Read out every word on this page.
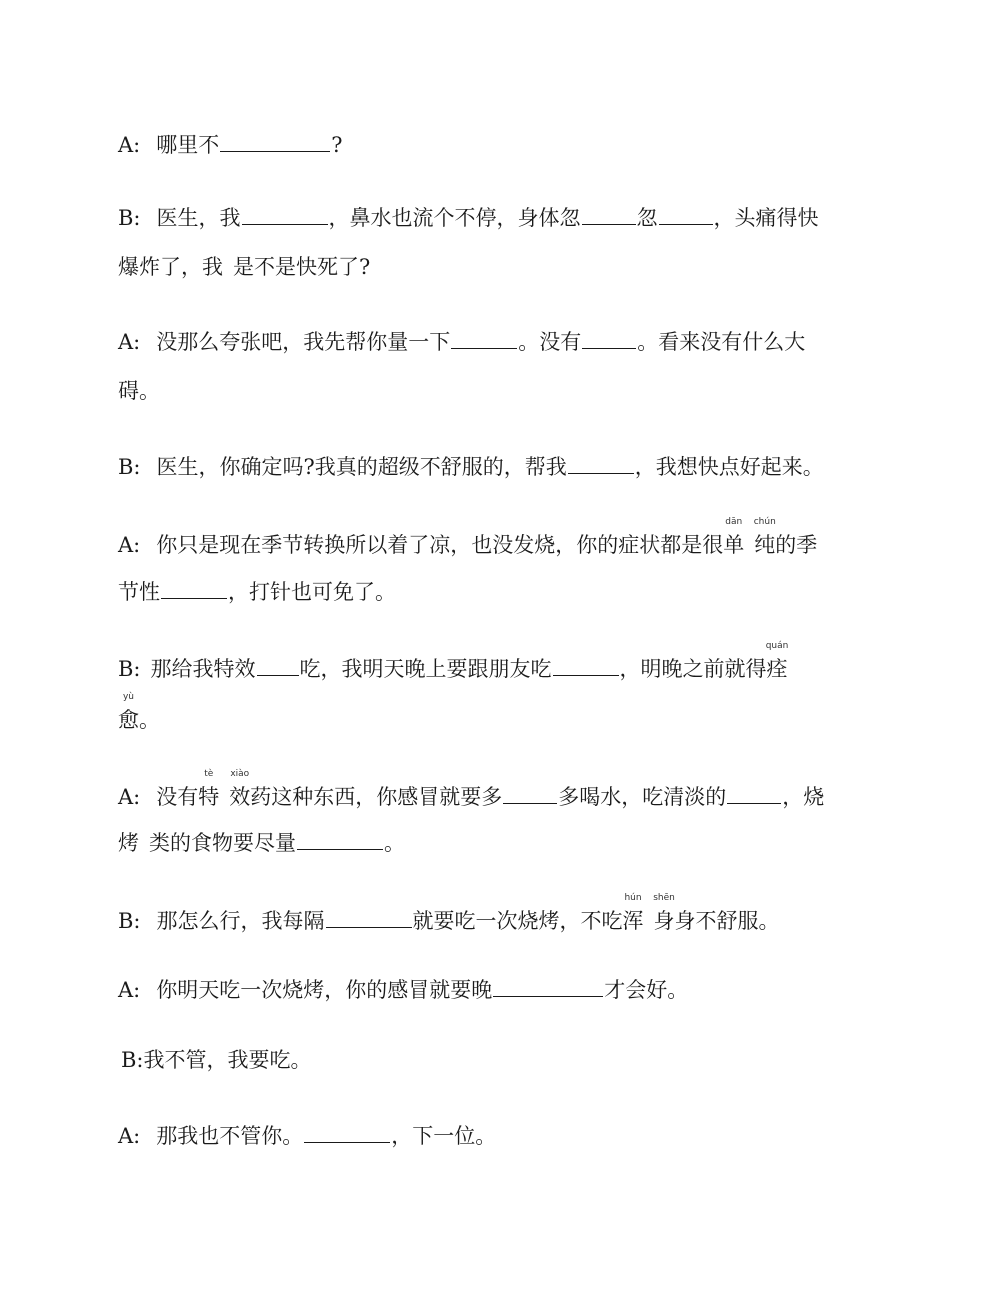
A: 哪里不	?
B: 医生，我	，鼻水也流个不停，身体忽	忽	，头痛得快
爆炸了，我 是不是快死了?
A: 没那么夸张吧，我先帮你量一下	。没有	。看来没有什么大
碍。
B: 医生，你确定吗?我真的超级不舒服的，帮我	，我想快点好起来。
A: 你只是现在季节转换所以着了凉，也没发烧，你的症状都是很单
dān
纯
chún
的季
节性	，打针也可免了。
B: 那给我特效 吃，我明天晚上要跟朋友吃	，明晚之前就得痊
quán
愈
yù
。
A: 没有特
tè
效
xiào
药这种东西，你感冒就要多	多喝水，吃清淡的	，烧
烤 类的食物要尽量	。
B: 那怎么行，我每隔	就要吃一次烧烤，不吃浑
hún
身
shēn
身不舒服。
A: 你明天吃一次烧烤，你的感冒就要晚	才会好。
B:我不管，我要吃。
A: 那我也不管你。	，下一位。
